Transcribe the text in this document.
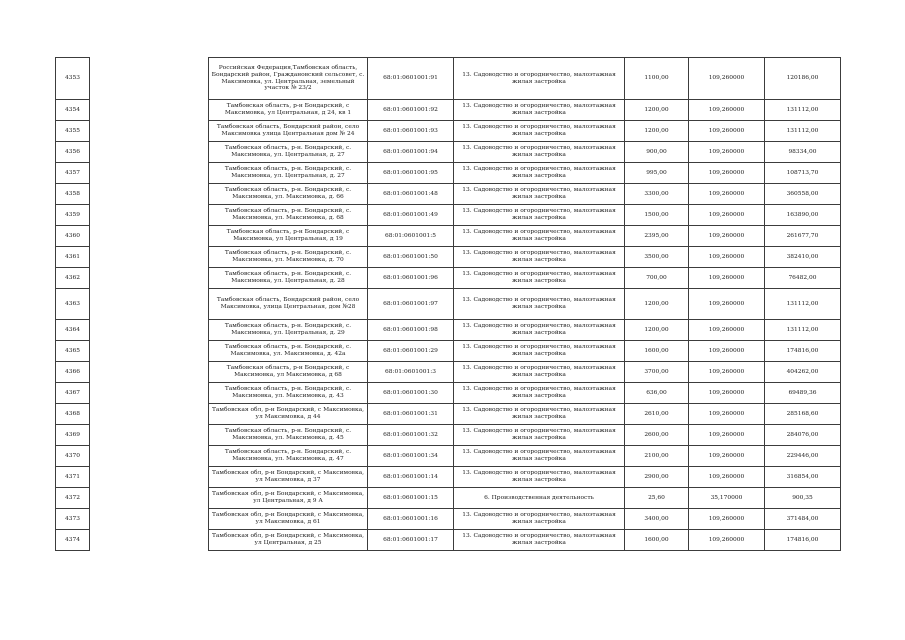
4353		Российская Федерация,Тамбовская область, Бондарский район, Граждановский сельсовет, с. Максимовка, ул. Центральная, земельный участок № 23/2	68:01:0601001:91	13. Садоводство и огородничество, малоэтажная жилая застройка	1100,00	109,260000	120186,00
4354		Тамбовская область, р-н Бондарский, с Максимовка, ул Центральная, д 24, кв 1	68:01:0601001:92	13. Садоводство и огородничество, малоэтажная жилая застройка	1200,00	109,260000	131112,00
4355		Тамбовская область, Бондарский район, село Максимовка улица Центральная дом № 24	68:01:0601001:93	13. Садоводство и огородничество, малоэтажная жилая застройка	1200,00	109,260000	131112,00
4356		Тамбовская область, р-н. Бондарский, с. Максимовка, ул. Центральная, д. 27	68:01:0601001:94	13. Садоводство и огородничество, малоэтажная жилая застройка	900,00	109,260000	98334,00
4357		Тамбовская область, р-н. Бондарский, с. Максимовка, ул. Центральная, д. 27	68:01:0601001:95	13. Садоводство и огородничество, малоэтажная жилая застройка	995,00	109,260000	108713,70
4358		Тамбовская область, р-н. Бондарский, с. Максимовка, ул. Максимовка, д. 66	68:01:0601001:48	13. Садоводство и огородничество, малоэтажная жилая застройка	3300,00	109,260000	360558,00
4359		Тамбовская область, р-н. Бондарский, с. Максимовка, ул. Максимовка, д. 68	68:01:0601001:49	13. Садоводство и огородничество, малоэтажная жилая застройка	1500,00	109,260000	163890,00
4360		Тамбовская область, р-н Бондарский, с Максимовка, ул Центральная, д 19	68:01:0601001:5	13. Садоводство и огородничество, малоэтажная жилая застройка	2395,00	109,260000	261677,70
4361		Тамбовская область, р-н. Бондарский, с. Максимовка, ул. Максимовка, д. 70	68:01:0601001:50	13. Садоводство и огородничество, малоэтажная жилая застройка	3500,00	109,260000	382410,00
4362		Тамбовская область, р-н. Бондарский, с. Максимовка, ул. Центральная, д. 28	68:01:0601001:96	13. Садоводство и огородничество, малоэтажная жилая застройка	700,00	109,260000	76482,00
4363		Тамбовская область, Бондарский район, село Максимовка, улица Центральная, дом №28	68:01:0601001:97	13. Садоводство и огородничество, малоэтажная жилая застройка	1200,00	109,260000	131112,00
4364		Тамбовская область, р-н. Бондарский, с. Максимовка, ул. Центральная, д. 29	68:01:0601001:98	13. Садоводство и огородничество, малоэтажная жилая застройка	1200,00	109,260000	131112,00
4365		Тамбовская область, р-н. Бондарский, с. Максимовка, ул. Максимовка, д. 42а	68:01:0601001:29	13. Садоводство и огородничество, малоэтажная жилая застройка	1600,00	109,260000	174816,00
4366		Тамбовская область, р-н Бондарский, с Максимовка, ул Максимовка, д 68	68:01:0601001:3	13. Садоводство и огородничество, малоэтажная жилая застройка	3700,00	109,260000	404262,00
4367		Тамбовская область, р-н. Бондарский, с. Максимовка, ул. Максимовка, д. 43	68:01:0601001:30	13. Садоводство и огородничество, малоэтажная жилая застройка	636,00	109,260000	69489,36
4368		Тамбовская обл, р-н Бондарский, с Максимовка, ул Максимовка, д 44	68:01:0601001:31	13. Садоводство и огородничество, малоэтажная жилая застройка	2610,00	109,260000	285168,60
4369		Тамбовская область, р-н. Бондарский, с. Максимовка, ул. Максимовка, д. 45	68:01:0601001:32	13. Садоводство и огородничество, малоэтажная жилая застройка	2600,00	109,260000	284076,00
4370		Тамбовская область, р-н. Бондарский, с. Максимовка, ул. Максимовка, д. 47	68:01:0601001:34	13. Садоводство и огородничество, малоэтажная жилая застройка	2100,00	109,260000	229446,00
4371		Тамбовская обл, р-н Бондарский, с Максимовка, ул Максимовка, д 37	68:01:0601001:14	13. Садоводство и огородничество, малоэтажная жилая застройка	2900,00	109,260000	316854,00
4372		Тамбовская обл, р-н Бондарский, с Максимовка, ул Центральная, д 9 А	68:01:0601001:15	6. Производственная деятельность	25,60	35,170000	900,35
4373		Тамбовская обл, р-н Бондарский, с Максимовка, ул Максимовка, д 61	68:01:0601001:16	13. Садоводство и огородничество, малоэтажная жилая застройка	3400,00	109,260000	371484,00
4374		Тамбовская обл, р-н Бондарский, с Максимовка, ул Центральная, д 25	68:01:0601001:17	13. Садоводство и огородничество, малоэтажная жилая застройка	1600,00	109,260000	174816,00
